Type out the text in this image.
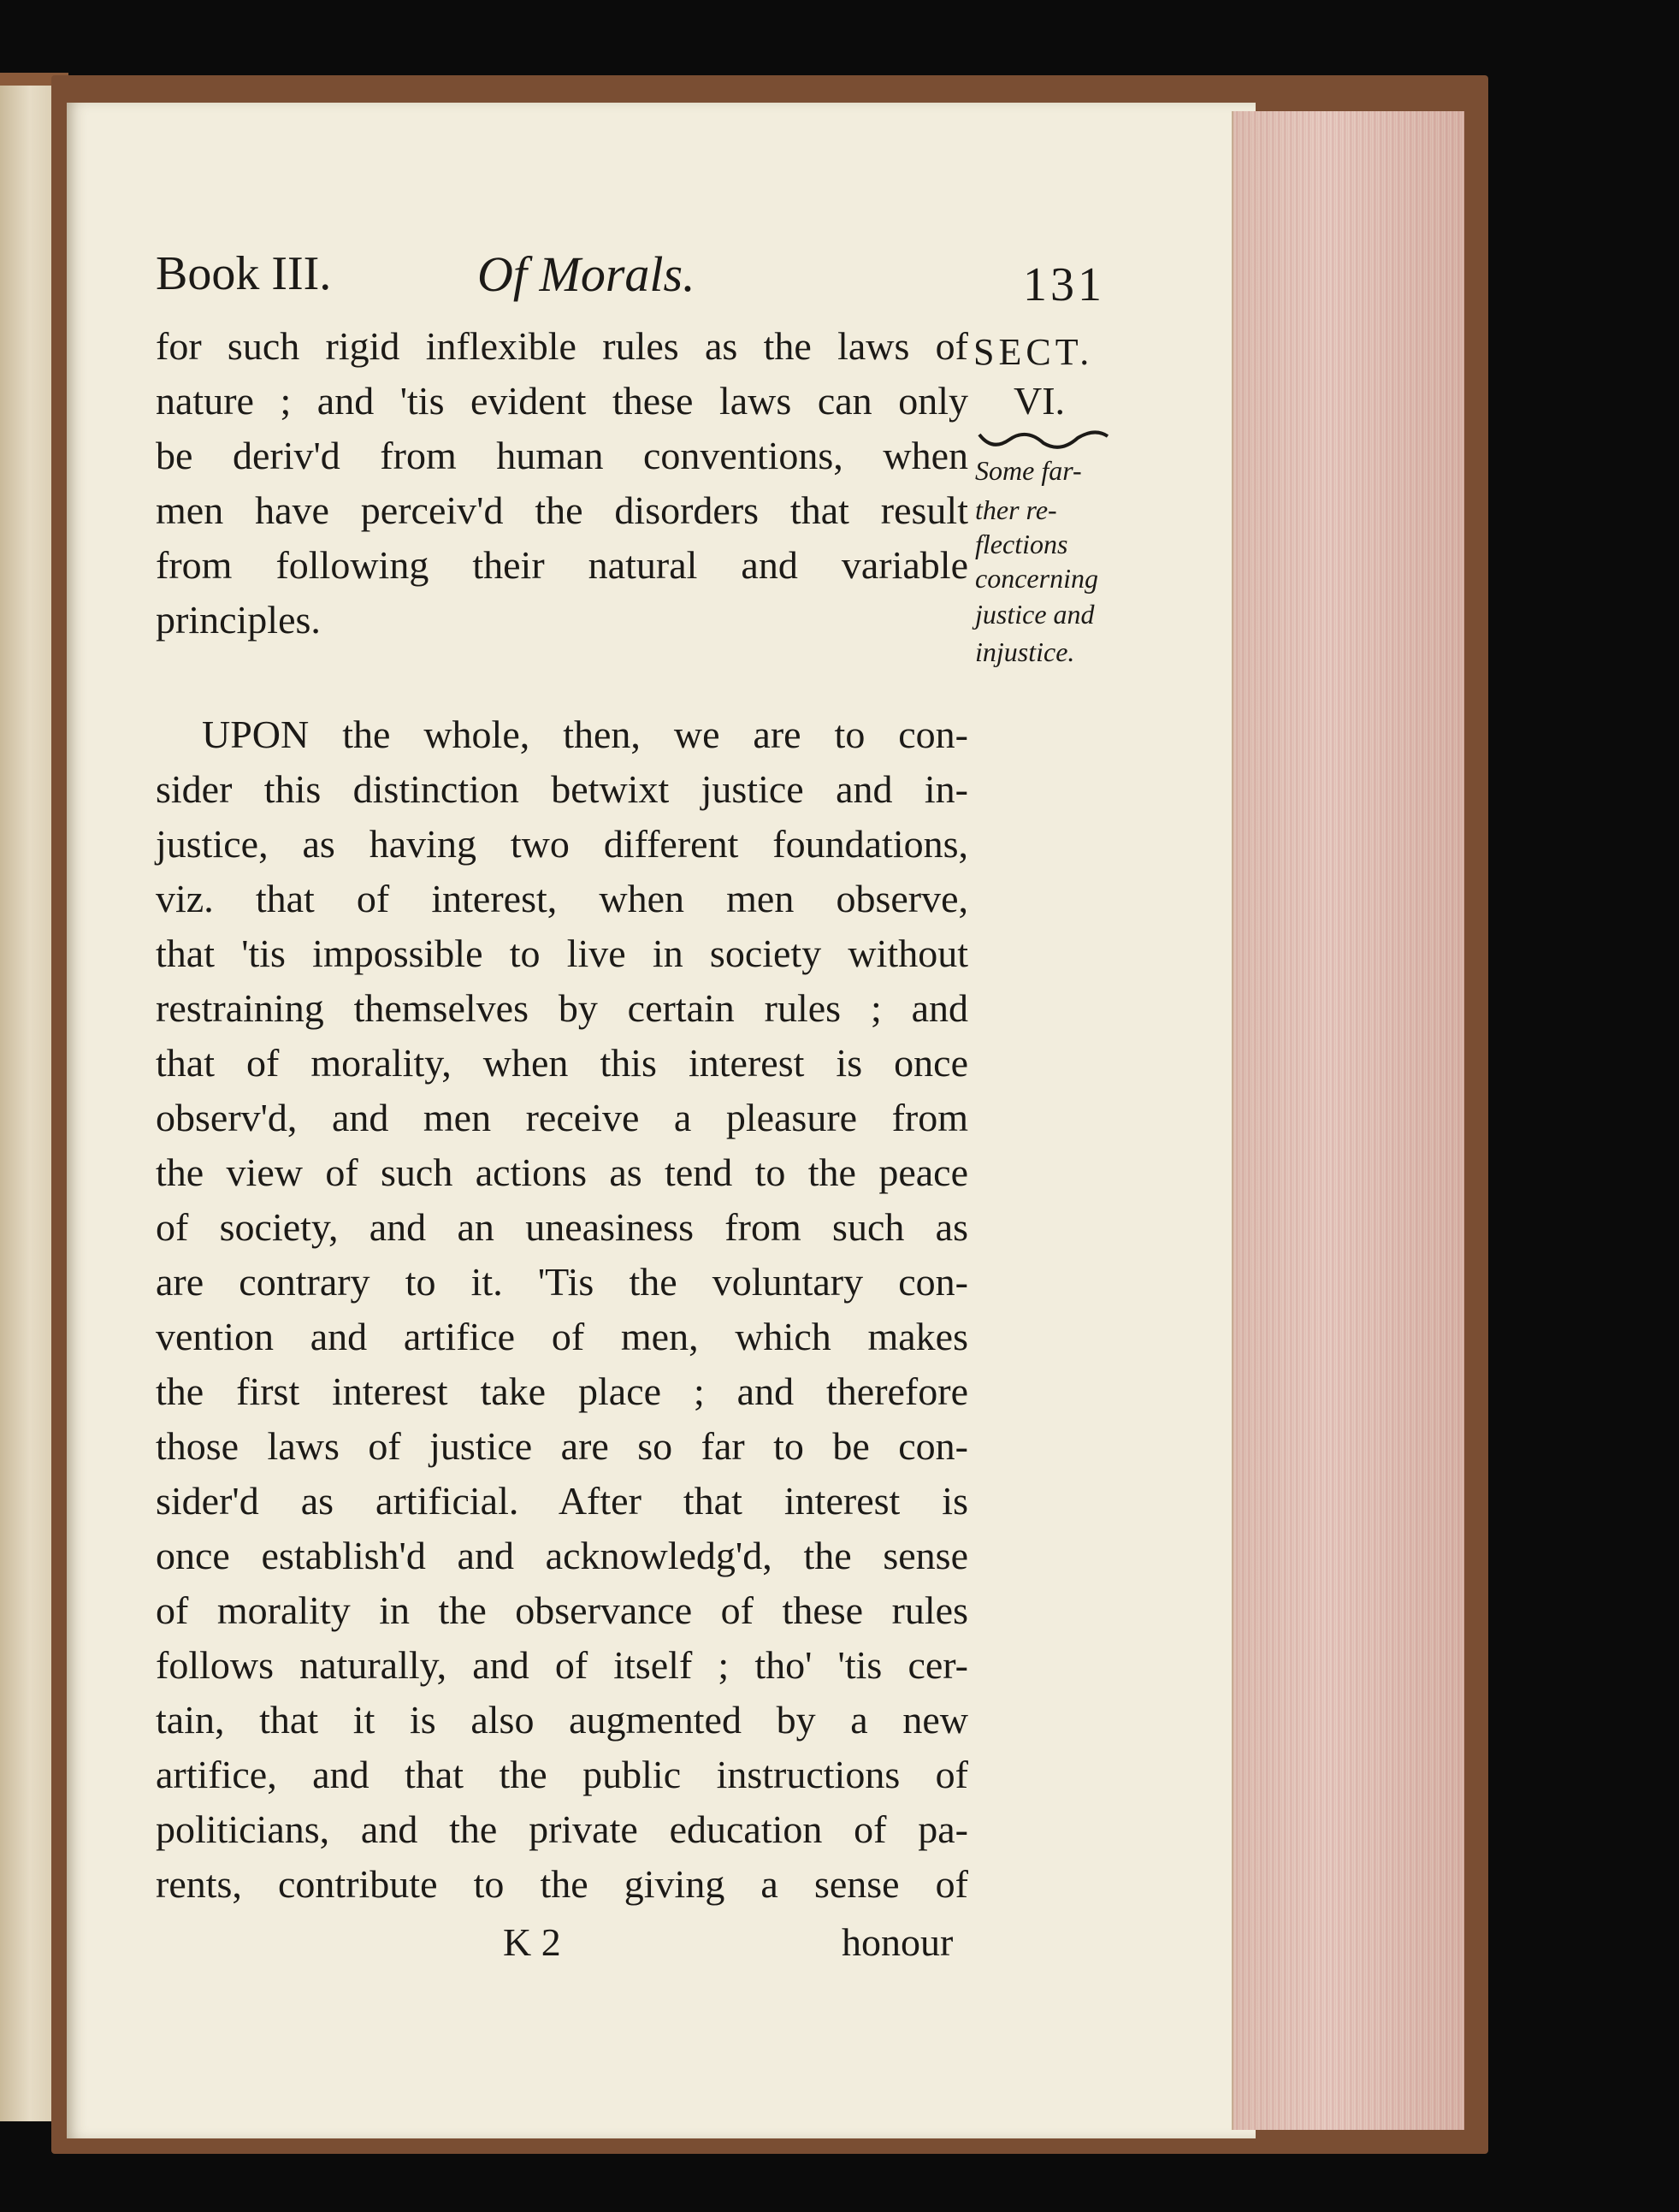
Book III.	Of Morals.	131
SECT.
VI.
Some far-
ther re-
flections
concerning
justice and
injustice.
for such rigid inflexible rules as the laws of
nature ; and 'tis evident these laws can only
be deriv'd from human conventions, when
men have perceiv'd the disorders that result
from following their natural and variable
principles.
UPON the whole, then, we are to con-
sider this distinction betwixt justice and in-
justice, as having two different foundations,
viz. that of interest, when men observe,
that 'tis impossible to live in society without
restraining themselves by certain rules ; and
that of morality, when this interest is once
observ'd, and men receive a pleasure from
the view of such actions as tend to the peace
of society, and an uneasiness from such as
are contrary to it. 'Tis the voluntary con-
vention and artifice of men, which makes
the first interest take place ; and therefore
those laws of justice are so far to be con-
sider'd as artificial. After that interest is
once establish'd and acknowledg'd, the sense
of morality in the observance of these rules
follows naturally, and of itself ; tho' 'tis cer-
tain, that it is also augmented by a new
artifice, and that the public instructions of
politicians, and the private education of pa-
rents, contribute to the giving a sense of
K 2	honour
